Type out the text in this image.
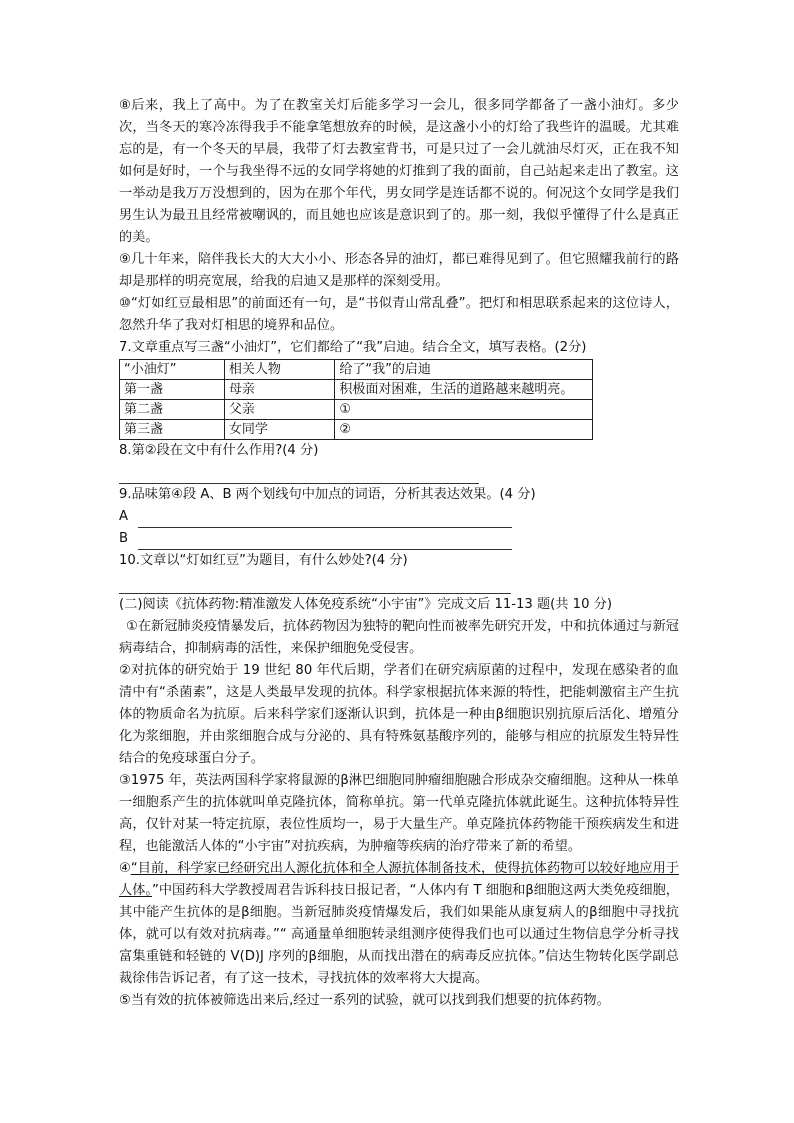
⑧后来，我上了高中。为了在教室关灯后能多学习一会儿，很多同学都备了一盏小油灯。多少次，当冬天的寒冷冻得我手不能拿笔想放弃的时候，是这盏小小的灯给了我些许的温暖。尤其难忘的是，有一个冬天的早晨，我带了灯去教室背书，可是只过了一会儿就油尽灯灭，正在我不知如何是好时，一个与我坐得不远的女同学将她的灯推到了我的面前，自己站起来走出了教室。这一举动是我万万没想到的，因为在那个年代，男女同学是连话都不说的。何况这个女同学是我们男生认为最丑且经常被嘲讽的，而且她也应该是意识到了的。那一刻，我似乎懂得了什么是真正的美。

⑨几十年来，陪伴我长大的大大小小、形态各异的油灯，都已难得见到了。但它照耀我前行的路却是那样的明亮宽展，给我的启迪又是那样的深刻受用。

⑩“灯如红豆最相思”的前面还有一句，是“书似青山常乱叠”。把灯和相思联系起来的这位诗人，忽然升华了我对灯相思的境界和品位。

7.文章重点写三盏“小油灯”，它们都给了“我”启迪。结合全文，填写表格。(2分)

“小油灯”	相关人物	给了“我”的启迪
第一盏	母亲	积极面对困难，生活的道路越来越明亮。
第二盏	父亲	①
第三盏	女同学	②

8.第②段在文中有什么作用?(4 分)

9.品味第④段 A、B 两个划线句中加点的词语，分析其表达效果。(4 分)

A
B

10.文章以“灯如红豆”为题目，有什么妙处?(4 分)

(二)阅读《抗体药物:精准激发人体免疫系统“小宇宙”》完成文后 11-13 题(共 10 分)

①在新冠肺炎疫情暴发后，抗体药物因为独特的靶向性而被率先研究开发，中和抗体通过与新冠病毒结合，抑制病毒的活性，来保护细胞免受侵害。

②对抗体的研究始于 19 世纪 80 年代后期，学者们在研究病原菌的过程中，发现在感染者的血清中有“杀菌素”，这是人类最早发现的抗体。科学家根据抗体来源的特性，把能刺激宿主产生抗体的物质命名为抗原。后来科学家们逐渐认识到，抗体是一种由β细胞识别抗原后活化、增殖分化为浆细胞，并由浆细胞合成与分泌的、具有特殊氨基酸序列的，能够与相应的抗原发生特异性结合的免疫球蛋白分子。

③1975 年，英法两国科学家将鼠源的β淋巴细胞同肿瘤细胞融合形成杂交瘤细胞。这种从一株单一细胞系产生的抗体就叫单克隆抗体，简称单抗。第一代单克隆抗体就此诞生。这种抗体特异性高，仅针对某一特定抗原，表位性质均一，易于大量生产。单克隆抗体药物能干预疾病发生和进程，也能激活人体的“小宇宙”对抗疾病，为肿瘤等疾病的治疗带来了新的希望。

④“目前，科学家已经研究出人源化抗体和全人源抗体制备技术，使得抗体药物可以较好地应用于人体。”中国药科大学教授周君告诉科技日报记者，“人体内有 T 细胞和β细胞这两大类免疫细胞，其中能产生抗体的是β细胞。当新冠肺炎疫情爆发后，我们如果能从康复病人的β细胞中寻找抗体，就可以有效对抗病毒。”“ 高通量单细胞转录组测序使得我们也可以通过生物信息学分析寻找富集重链和轻链的 V(D)J 序列的β细胞，从而找出潜在的病毒反应抗体。”信达生物转化医学副总裁徐伟告诉记者，有了这一技术，寻找抗体的效率将大大提高。

⑤当有效的抗体被筛选出来后,经过一系列的试验，就可以找到我们想要的抗体药物。
